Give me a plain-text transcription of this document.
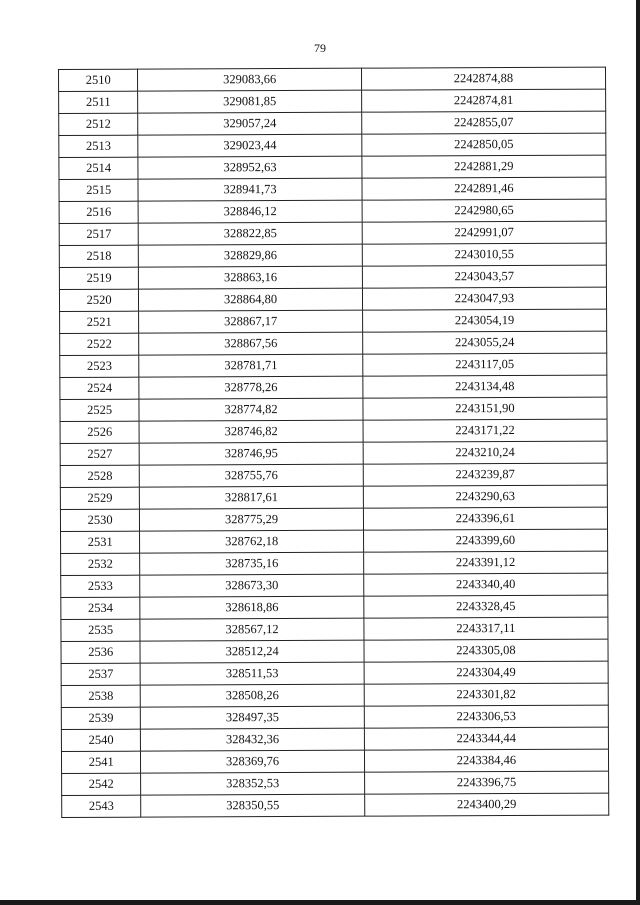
79
2510	329083,66	2242874,88
2511	329081,85	2242874,81
2512	329057,24	2242855,07
2513	329023,44	2242850,05
2514	328952,63	2242881,29
2515	328941,73	2242891,46
2516	328846,12	2242980,65
2517	328822,85	2242991,07
2518	328829,86	2243010,55
2519	328863,16	2243043,57
2520	328864,80	2243047,93
2521	328867,17	2243054,19
2522	328867,56	2243055,24
2523	328781,71	2243117,05
2524	328778,26	2243134,48
2525	328774,82	2243151,90
2526	328746,82	2243171,22
2527	328746,95	2243210,24
2528	328755,76	2243239,87
2529	328817,61	2243290,63
2530	328775,29	2243396,61
2531	328762,18	2243399,60
2532	328735,16	2243391,12
2533	328673,30	2243340,40
2534	328618,86	2243328,45
2535	328567,12	2243317,11
2536	328512,24	2243305,08
2537	328511,53	2243304,49
2538	328508,26	2243301,82
2539	328497,35	2243306,53
2540	328432,36	2243344,44
2541	328369,76	2243384,46
2542	328352,53	2243396,75
2543	328350,55	2243400,29
